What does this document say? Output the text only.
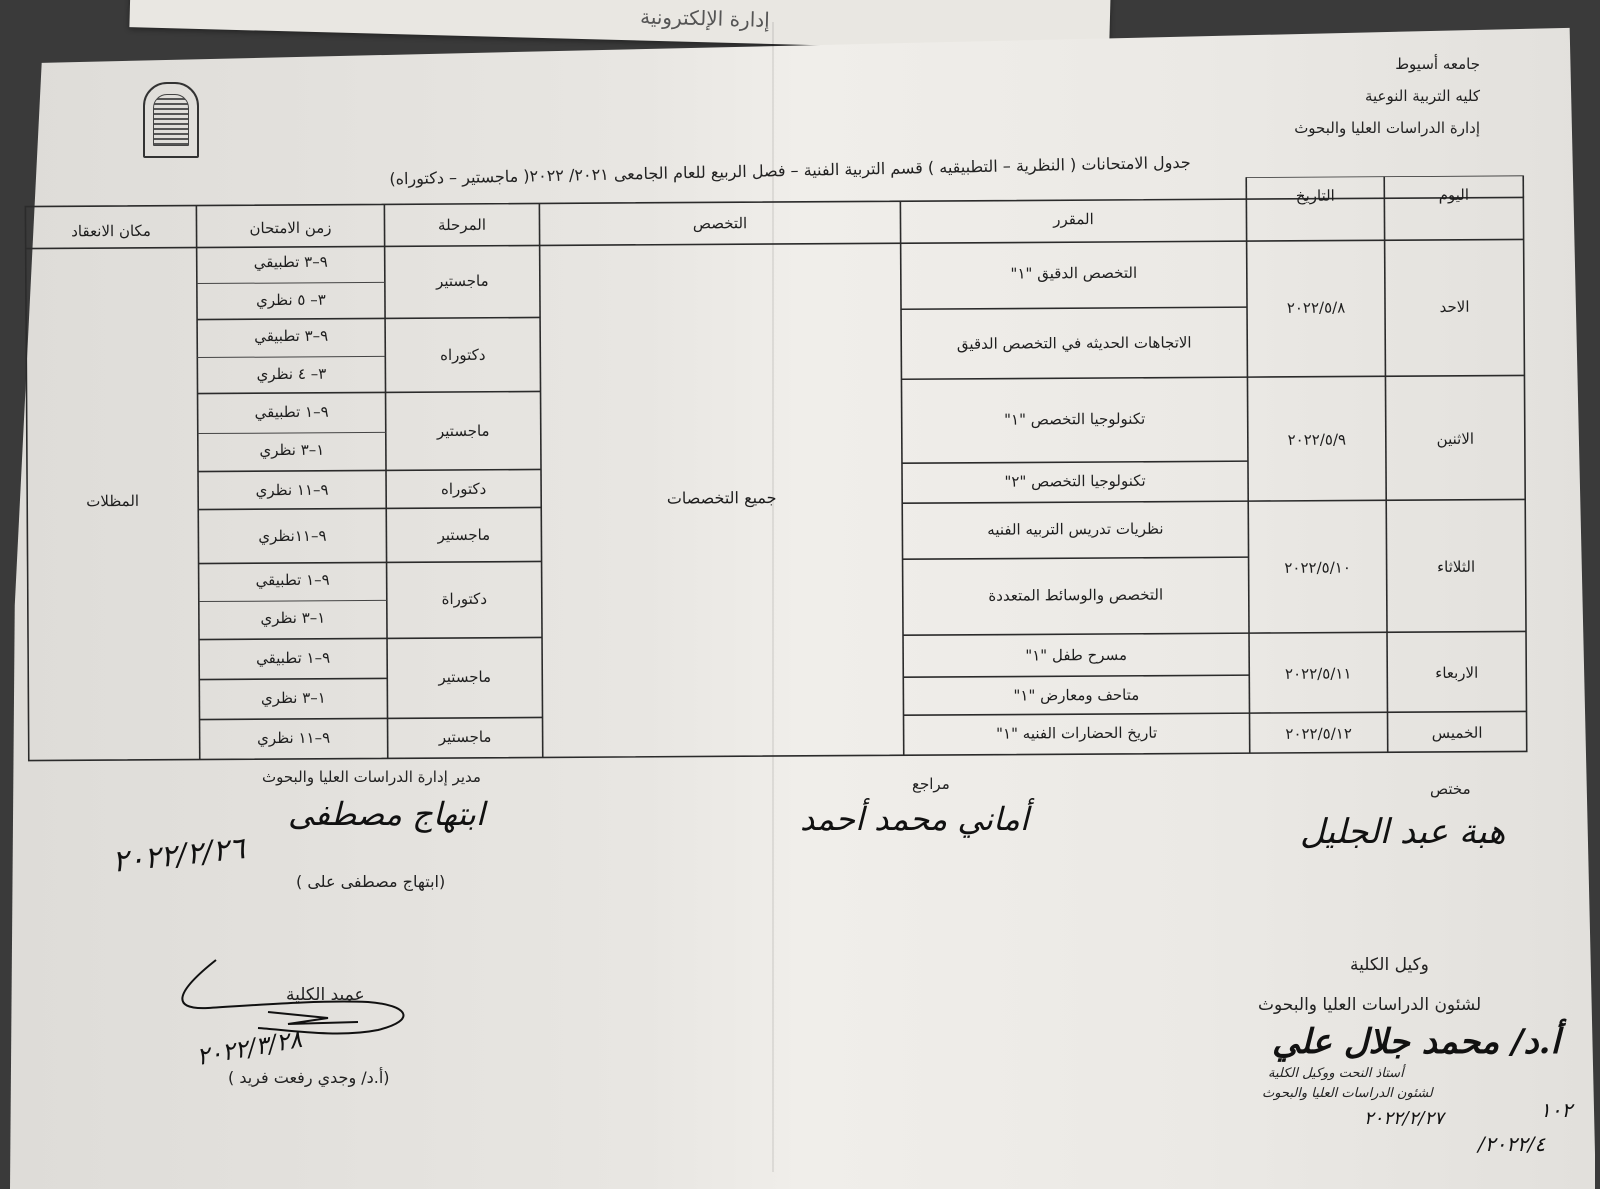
إدارة الإلكترونية
جامعه أسيوط
كليه التربية النوعية
إدارة الدراسات العليا والبحوث
جدول الامتحانات ( النظرية – التطبيقيه ) قسم التربية الفنية – فصل الربيع للعام الجامعى ٢٠٢١/ ٢٠٢٢( ماجستير – دكتوراه)
اليوم
التاريخ
المقرر
التخصص
المرحلة
زمن الامتحان
مكان الانعقاد
الاحد
٢٠٢٢/٥/٨
الاثنين
٢٠٢٢/٥/٩
الثلاثاء
٢٠٢٢/٥/١٠
الاربعاء
٢٠٢٢/٥/١١
الخميس
٢٠٢٢/٥/١٢
التخصص الدقيق "١"
الاتجاهات الحديثه في التخصص الدقيق
تكنولوجيا التخصص "١"
تكنولوجيا التخصص "٢"
نظريات تدريس التربيه الفنيه
التخصص والوسائط المتعددة
مسرح طفل "١"
متاحف ومعارض "١"
تاريخ الحضارات الفنيه "١"
جميع التخصصات
ماجستير
دكتوراه
ماجستير
دكتوراه
ماجستير
دكتوراة
ماجستير
ماجستير
٩–٣ تطبيقي
٣– ٥ نظري
٩–٣ تطبيقي
٣– ٤ نظري
٩–١ تطبيقي
١–٣ نظري
٩–١١ نظري
٩–١١نظري
٩–١ تطبيقي
١–٣ نظري
٩–١ تطبيقي
١–٣ نظري
٩–١١ نظري
المظلات
مختص
هبة عبد الجليل
مراجع
أماني محمد أحمد
مدير إدارة الدراسات العليا والبحوث
ابتهاج مصطفى
٢٠٢٢/٢/٢٦
(ابتهاج مصطفى على )
وكيل الكلية
لشئون الدراسات العليا والبحوث
أ.د/ محمد جلال علي
أستاذ النحت ووكيل الكلية
لشئون الدراسات العليا والبحوث
٢٠٢٢/٢/٢٧
عميد الكلية
٢٠٢٢/٣/٢٨
(أ.د/ وجدي رفعت فريد )
١٠٢
٢٠٢٢/٤/
